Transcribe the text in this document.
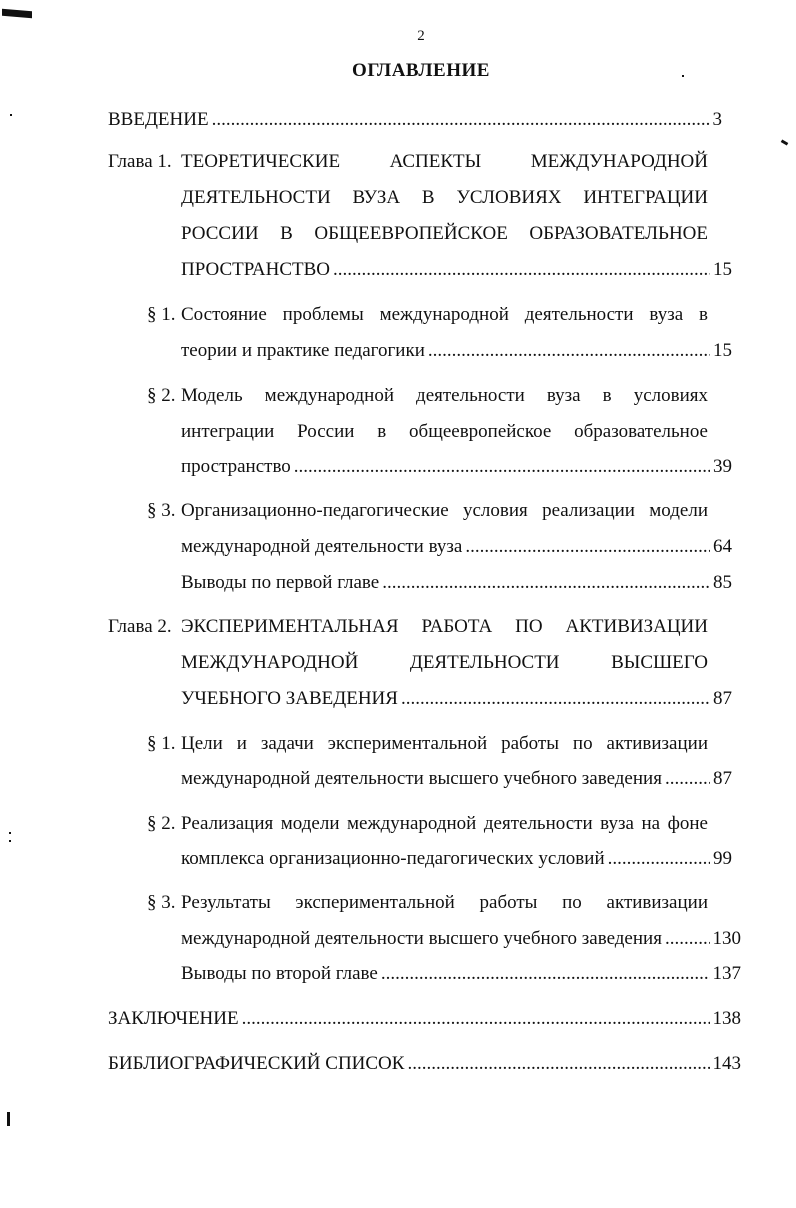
2
ОГЛАВЛЕНИЕ
ВВЕДЕНИЕ .....	3
Глава 1. ТЕОРЕТИЧЕСКИЕ	АСПЕКТЫ	МЕЖДУНАРОДНОЙ
ДЕЯТЕЛЬНОСТИ ВУЗА В УСЛОВИЯХ ИНТЕГРАЦИИ
РОССИИ В ОБЩЕЕВРОПЕЙСКОЕ ОБРАЗОВАТЕЛЬНОЕ
ПРОСТРАНСТВО .....	15
§ 1. Состояние проблемы международной деятельности вуза в
теории и практике педагогики .....	15
§ 2. Модель международной деятельности вуза в условиях
интеграции России в общеевропейское образовательное
пространство .....	39
§ 3. Организационно-педагогические условия реализации модели
международной деятельности вуза .....	64
Выводы по первой главе .....	85
Глава 2. ЭКСПЕРИМЕНТАЛЬНАЯ РАБОТА ПО АКТИВИЗАЦИИ
МЕЖДУНАРОДНОЙ ДЕЯТЕЛЬНОСТИ ВЫСШЕГО
УЧЕБНОГО ЗАВЕДЕНИЯ .....	87
§ 1. Цели и задачи экспериментальной работы по активизации
международной деятельности высшего учебного заведения .....	87
§ 2. Реализация модели международной деятельности вуза на фоне
комплекса организационно-педагогических условий .....	99
§ 3. Результаты экспериментальной работы по активизации
международной деятельности высшего учебного заведения .....	130
Выводы по второй главе .....	137
ЗАКЛЮЧЕНИЕ .....	138
БИБЛИОГРАФИЧЕСКИЙ СПИСОК .....	143
